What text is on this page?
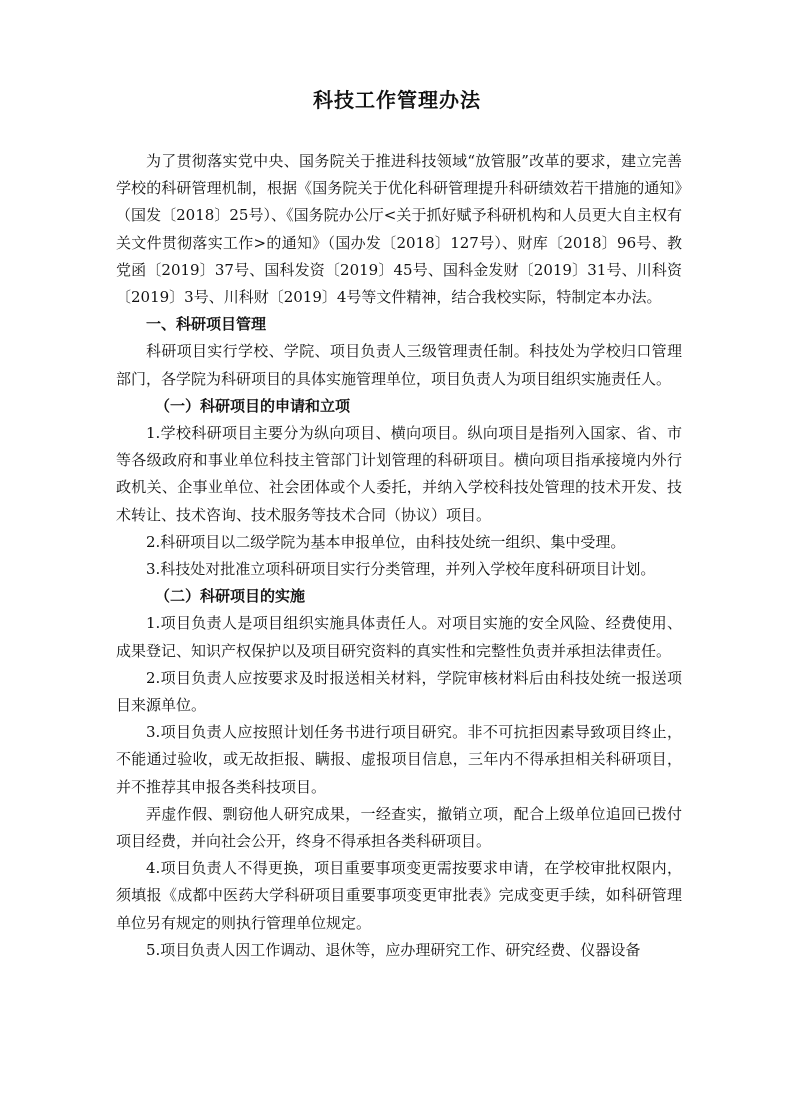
科技工作管理办法

为了贯彻落实党中央、国务院关于推进科技领域“放管服”改革的要求，建立完善学校的科研管理机制，根据《国务院关于优化科研管理提升科研绩效若干措施的通知》（国发〔2018〕25号）、《国务院办公厅<关于抓好赋予科研机构和人员更大自主权有关文件贯彻落实工作>的通知》（国办发〔2018〕127号）、财库〔2018〕96号、教党函〔2019〕37号、国科发资〔2019〕45号、国科金发财〔2019〕31号、川科资〔2019〕3号、川科财〔2019〕4号等文件精神，结合我校实际，特制定本办法。

一、科研项目管理

科研项目实行学校、学院、项目负责人三级管理责任制。科技处为学校归口管理部门，各学院为科研项目的具体实施管理单位，项目负责人为项目组织实施责任人。

（一）科研项目的申请和立项

1.学校科研项目主要分为纵向项目、横向项目。纵向项目是指列入国家、省、市等各级政府和事业单位科技主管部门计划管理的科研项目。横向项目指承接境内外行政机关、企事业单位、社会团体或个人委托，并纳入学校科技处管理的技术开发、技术转让、技术咨询、技术服务等技术合同（协议）项目。

2.科研项目以二级学院为基本申报单位，由科技处统一组织、集中受理。

3.科技处对批准立项科研项目实行分类管理，并列入学校年度科研项目计划。

（二）科研项目的实施

1.项目负责人是项目组织实施具体责任人。对项目实施的安全风险、经费使用、成果登记、知识产权保护以及项目研究资料的真实性和完整性负责并承担法律责任。

2.项目负责人应按要求及时报送相关材料，学院审核材料后由科技处统一报送项目来源单位。

3.项目负责人应按照计划任务书进行项目研究。非不可抗拒因素导致项目终止，不能通过验收，或无故拒报、瞒报、虚报项目信息，三年内不得承担相关科研项目，并不推荐其申报各类科技项目。

弄虚作假、剽窃他人研究成果，一经查实，撤销立项，配合上级单位追回已拨付项目经费，并向社会公开，终身不得承担各类科研项目。

4.项目负责人不得更换，项目重要事项变更需按要求申请，在学校审批权限内，须填报《成都中医药大学科研项目重要事项变更审批表》完成变更手续，如科研管理单位另有规定的则执行管理单位规定。

5.项目负责人因工作调动、退休等，应办理研究工作、研究经费、仪器设备
